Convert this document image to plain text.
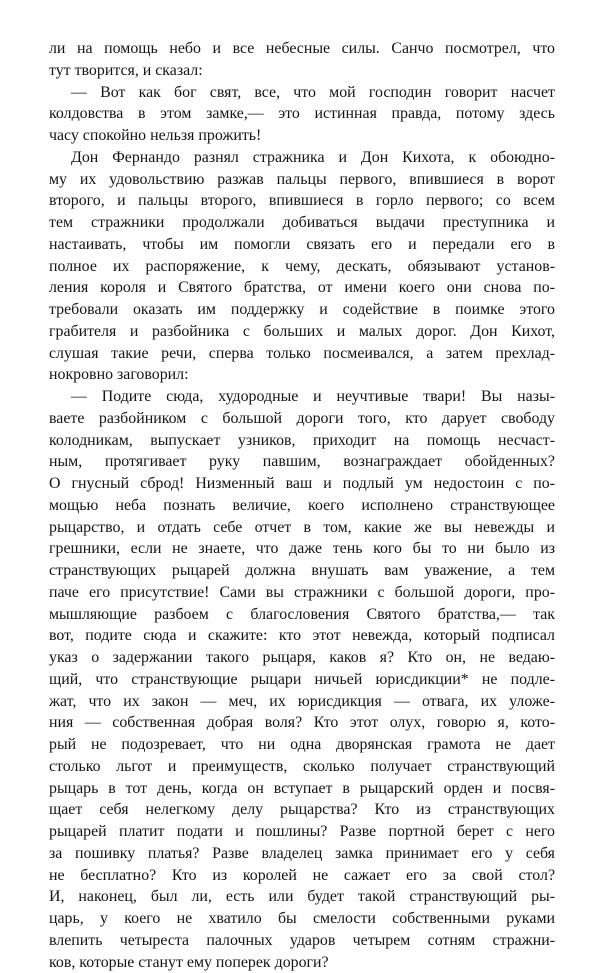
ли на помощь небо и все небесные силы. Санчо посмотрел, что
тут творится, и сказал:
— Вот как бог свят, все, что мой господин говорит насчет
колдовства в этом замке,— это истинная правда, потому здесь
часу спокойно нельзя прожить!
Дон Фернандо разнял стражника и Дон Кихота, к обоюдно-
му их удовольствию разжав пальцы первого, впившиеся в ворот
второго, и пальцы второго, впившиеся в горло первого; со всем
тем стражники продолжали добиваться выдачи преступника и
настаивать, чтобы им помогли связать его и передали его в
полное их распоряжение, к чему, дескать, обязывают установ-
ления короля и Святого братства, от имени коего они снова по-
требовали оказать им поддержку и содействие в поимке этого
грабителя и разбойника с больших и малых дорог. Дон Кихот,
слушая такие речи, сперва только посмеивался, а затем прехлад-
нокровно заговорил:
— Подите сюда, худородные и неучтивые твари! Вы назы-
ваете разбойником с большой дороги того, кто дарует свободу
колодникам, выпускает узников, приходит на помощь несчаст-
ным, протягивает руку павшим, вознаграждает обойденных?
О гнусный сброд! Низменный ваш и подлый ум недостоин с по-
мощью неба познать величие, коего исполнено странствующее
рыцарство, и отдать себе отчет в том, какие же вы невежды и
грешники, если не знаете, что даже тень кого бы то ни было из
странствующих рыцарей должна внушать вам уважение, а тем
паче его присутствие! Сами вы стражники с большой дороги, про-
мышляющие разбоем с благословения Святого братства,— так
вот, подите сюда и скажите: кто этот невежда, который подписал
указ о задержании такого рыцаря, каков я? Кто он, не ведаю-
щий, что странствующие рыцари ничьей юрисдикции* не подле-
жат, что их закон — меч, их юрисдикция — отвага, их уложе-
ния — собственная добрая воля? Кто этот олух, говорю я, кото-
рый не подозревает, что ни одна дворянская грамота не дает
столько льгот и преимуществ, сколько получает странствующий
рыцарь в тот день, когда он вступает в рыцарский орден и посвя-
щает себя нелегкому делу рыцарства? Кто из странствующих
рыцарей платит подати и пошлины? Разве портной берет с него
за пошивку платья? Разве владелец замка принимает его у себя
не бесплатно? Кто из королей не сажает его за свой стол?
И, наконец, был ли, есть или будет такой странствующий ры-
царь, у коего не хватило бы смелости собственными руками
влепить четыреста палочных ударов четырем сотням стражни-
ков, которые станут ему поперек дороги?
